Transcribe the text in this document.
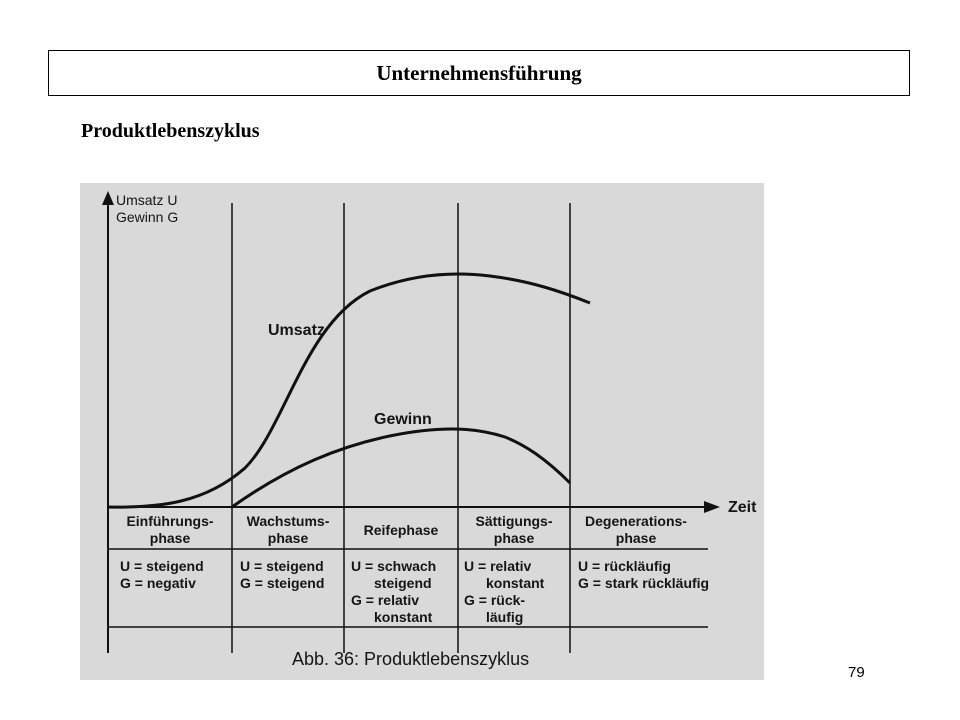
Unternehmensführung
Produktlebenszyklus
Umsatz U
Gewinn G
Zeit
Umsatz
Gewinn
Einführungs-
phase
Wachstums-
phase	Reifephase
Sättigungs-
phase
Degenerations-
phase
U = steigend
G = negativ
U = steigend
G = steigend
U = schwach
steigend
G = relativ
konstant
U = relativ
konstant
G = rück-
läufig
U = rückläufig
G = stark rückläufig
Abb. 36: Produktlebenszyklus
79
